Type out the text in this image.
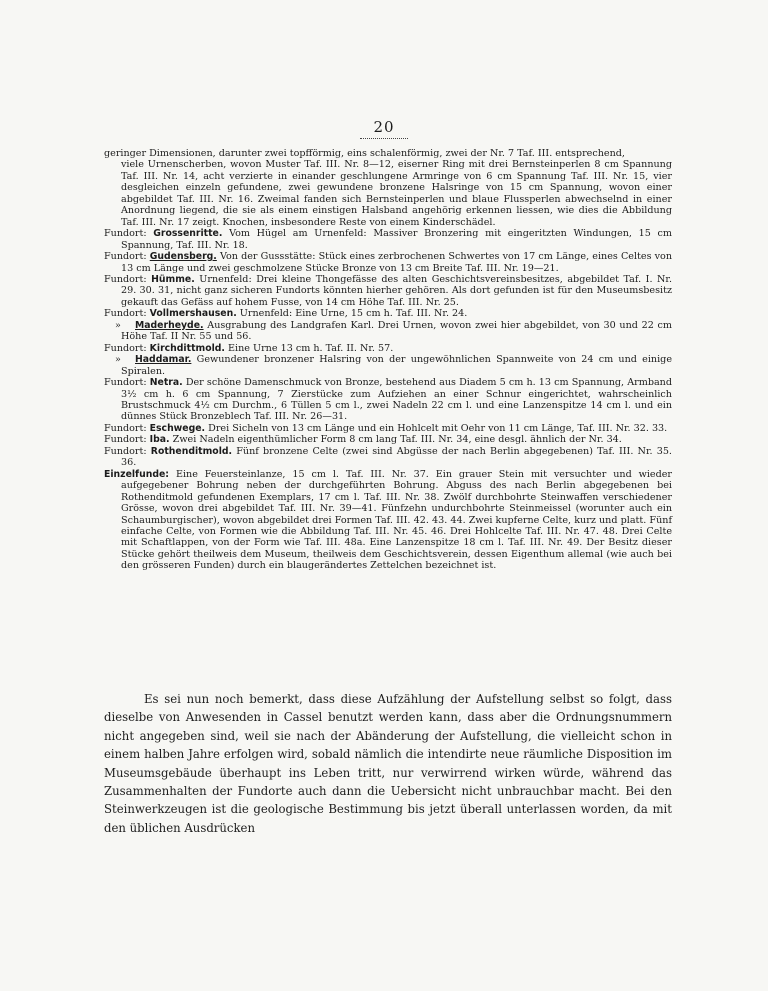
20

geringer Dimensionen, darunter zwei topfförmig, eins schalenförmig, zwei der Nr. 7 Taf. III. entsprechend,

viele Urnenscherben, wovon Muster Taf. III. Nr. 8—12, eiserner Ring mit drei Bernsteinperlen 8 cm Spannung Taf. III. Nr. 14, acht verzierte in einander geschlungene Armringe von 6 cm Spannung Taf. III. Nr. 15, vier desgleichen einzeln gefundene, zwei gewundene bronzene Halsringe von 15 cm Spannung, wovon einer abgebildet Taf. III. Nr. 16. Zweimal fanden sich Bernsteinperlen und blaue Flussperlen abwechselnd in einer Anordnung liegend, die sie als einem einstigen Halsband angehörig erkennen liessen, wie dies die Abbildung Taf. III. Nr. 17 zeigt. Knochen, insbesondere Reste von einem Kinderschädel.

Fundort: Grossenritte. Vom Hügel am Urnenfeld: Massiver Bronzering mit eingeritzten Windungen, 15 cm Spannung, Taf. III. Nr. 18.

Fundort: Gudensberg. Von der Gussstätte: Stück eines zerbrochenen Schwertes von 17 cm Länge, eines Celtes von 13 cm Länge und zwei geschmolzene Stücke Bronze von 13 cm Breite Taf. III. Nr. 19—21.

Fundort: Hümme. Urnenfeld: Drei kleine Thongefässe des alten Geschichtsvereinsbesitzes, abgebildet Taf. I. Nr. 29. 30. 31, nicht ganz sicheren Fundorts könnten hierher gehören. Als dort gefunden ist für den Museumsbesitz gekauft das Gefäss auf hohem Fusse, von 14 cm Höhe Taf. III. Nr. 25.

Fundort: Vollmershausen. Urnenfeld: Eine Urne, 15 cm h. Taf. III. Nr. 24.

» Maderheyde. Ausgrabung des Landgrafen Karl. Drei Urnen, wovon zwei hier abgebildet, von 30 und 22 cm Höhe Taf. II Nr. 55 und 56.

Fundort: Kirchdittmold. Eine Urne 13 cm h. Taf. II. Nr. 57.

» Haddamar. Gewundener bronzener Halsring von der ungewöhnlichen Spannweite von 24 cm und einige Spiralen.

Fundort: Netra. Der schöne Damenschmuck von Bronze, bestehend aus Diadem 5 cm h. 13 cm Spannung, Armband 3½ cm h. 6 cm Spannung, 7 Zierstücke zum Aufziehen an einer Schnur eingerichtet, wahrscheinlich Brustschmuck 4½ cm Durchm., 6 Tüllen 5 cm l., zwei Nadeln 22 cm l. und eine Lanzenspitze 14 cm l. und ein dünnes Stück Bronzeblech Taf. III. Nr. 26—31.

Fundort: Eschwege. Drei Sicheln von 13 cm Länge und ein Hohlcelt mit Oehr von 11 cm Länge, Taf. III. Nr. 32. 33.

Fundort: Iba. Zwei Nadeln eigenthümlicher Form 8 cm lang Taf. III. Nr. 34, eine desgl. ähnlich der Nr. 34.

Fundort: Rothenditmold. Fünf bronzene Celte (zwei sind Abgüsse der nach Berlin abgegebenen) Taf. III. Nr. 35. 36.

Einzelfunde: Eine Feuersteinlanze, 15 cm l. Taf. III. Nr. 37. Ein grauer Stein mit versuchter und wieder aufgegebener Bohrung neben der durchgeführten Bohrung. Abguss des nach Berlin abgegebenen bei Rothenditmold gefundenen Exemplars, 17 cm l. Taf. III. Nr. 38. Zwölf durchbohrte Steinwaffen verschiedener Grösse, wovon drei abgebildet Taf. III. Nr. 39—41. Fünfzehn undurchbohrte Steinmeissel (worunter auch ein Schaumburgischer), wovon abgebildet drei Formen Taf. III. 42. 43. 44. Zwei kupferne Celte, kurz und platt. Fünf einfache Celte, von Formen wie die Abbildung Taf. III. Nr. 45. 46. Drei Hohlcelte Taf. III. Nr. 47. 48. Drei Celte mit Schaftlappen, von der Form wie Taf. III. 48a. Eine Lanzenspitze 18 cm l. Taf. III. Nr. 49. Der Besitz dieser Stücke gehört theilweis dem Museum, theilweis dem Geschichtsverein, dessen Eigenthum allemal (wie auch bei den grösseren Funden) durch ein blaugerändertes Zettelchen bezeichnet ist.

Es sei nun noch bemerkt, dass diese Aufzählung der Aufstellung selbst so folgt, dass dieselbe von Anwesenden in Cassel benutzt werden kann, dass aber die Ordnungsnummern nicht angegeben sind, weil sie nach der Abänderung der Aufstellung, die vielleicht schon in einem halben Jahre erfolgen wird, sobald nämlich die intendirte neue räumliche Disposition im Museumsgebäude überhaupt ins Leben tritt, nur verwirrend wirken würde, während das Zusammenhalten der Fundorte auch dann die Uebersicht nicht unbrauchbar macht. Bei den Steinwerkzeugen ist die geologische Bestimmung bis jetzt überall unterlassen worden, da mit den üblichen Ausdrücken
